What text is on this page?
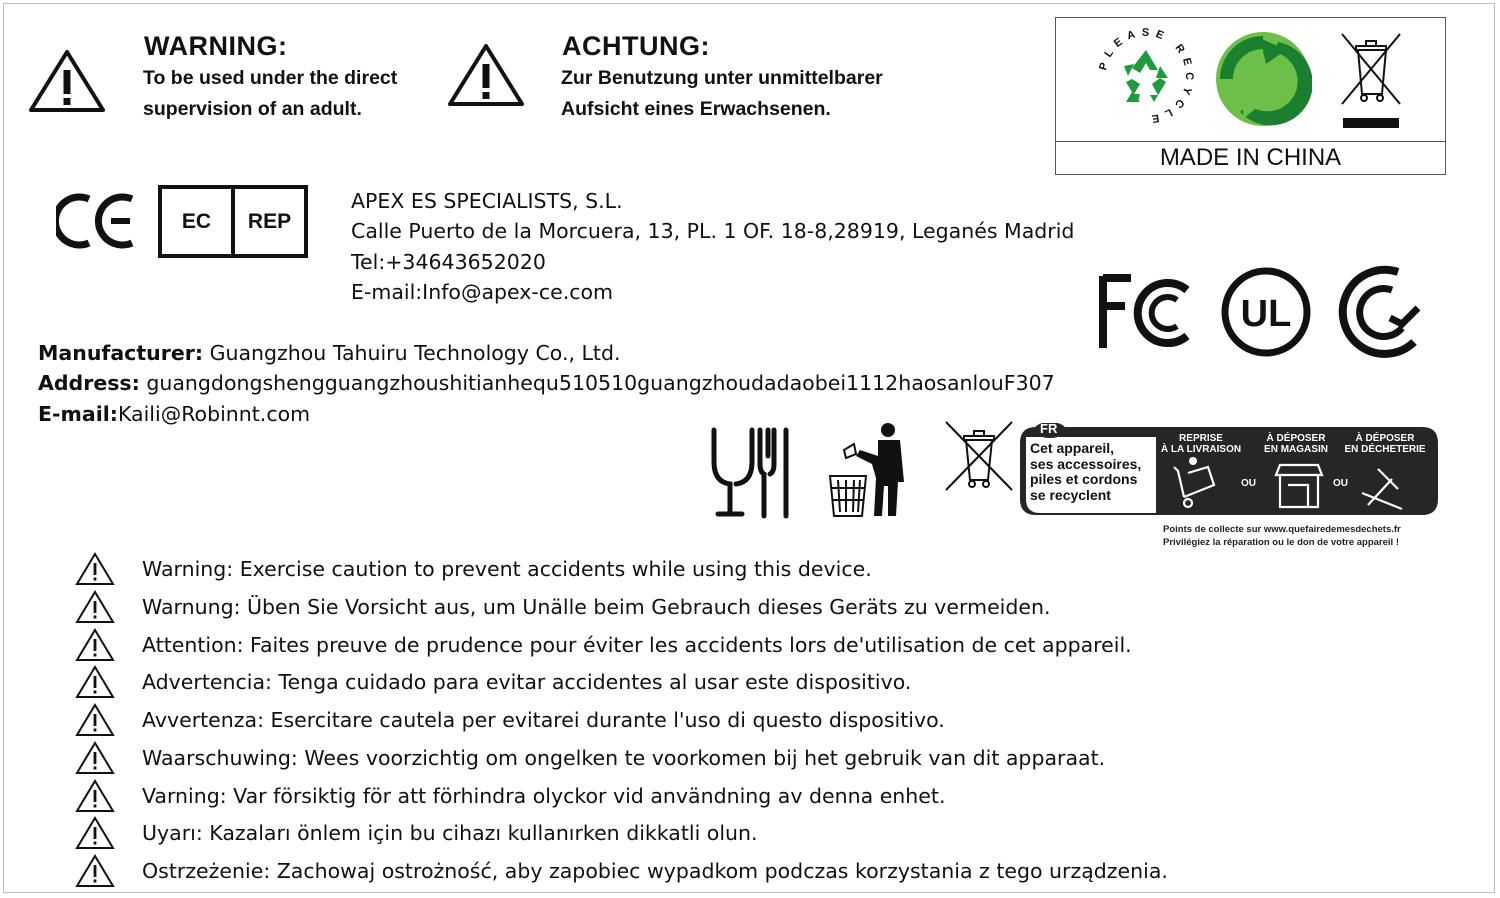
WARNING:
To be used under the direct
supervision of an adult.
ACHTUNG:
Zur Benutzung unter unmittelbarer
Aufsicht eines Erwachsenen.
PLEASE RECYCLE
MADE IN CHINA
EC	REP
APEX ES SPECIALISTS, S.L.
Calle Puerto de la Morcuera, 13, PL. 1 OF. 18-8,28919, Leganés Madrid
Tel:+34643652020
E-mail:Info@apex-ce.com
UL
Manufacturer: Guangzhou Tahuiru Technology Co., Ltd.
Address: guangdongshengguangzhoushitianhequ510510guangzhoudadaobei1112haosanlouF307
E-mail:Kaili@Robinnt.com
FR
Cet appareil,
ses accessoires,
piles et cordons
se recyclent
REPRISE
À LA LIVRAISON
À DÉPOSER
EN MAGASIN
À DÉPOSER
EN DÉCHETERIE
OU	OU
Points de collecte sur www.quefairedemesdechets.fr
Privilégiez la réparation ou le don de votre appareil !
Warning: Exercise caution to prevent accidents while using this device.
Warnung: Üben Sie Vorsicht aus, um Unälle beim Gebrauch dieses Geräts zu vermeiden.
Attention: Faites preuve de prudence pour éviter les accidents lors de'utilisation de cet appareil.
Advertencia: Tenga cuidado para evitar accidentes al usar este dispositivo.
Avvertenza: Esercitare cautela per evitarei durante l'uso di questo dispositivo.
Waarschuwing: Wees voorzichtig om ongelken te voorkomen bij het gebruik van dit apparaat.
Varning: Var försiktig för att förhindra olyckor vid användning av denna enhet.
Uyarı: Kazaları önlem için bu cihazı kullanırken dikkatli olun.
Ostrzeżenie: Zachowaj ostrożność, aby zapobiec wypadkom podczas korzystania z tego urządzenia.
